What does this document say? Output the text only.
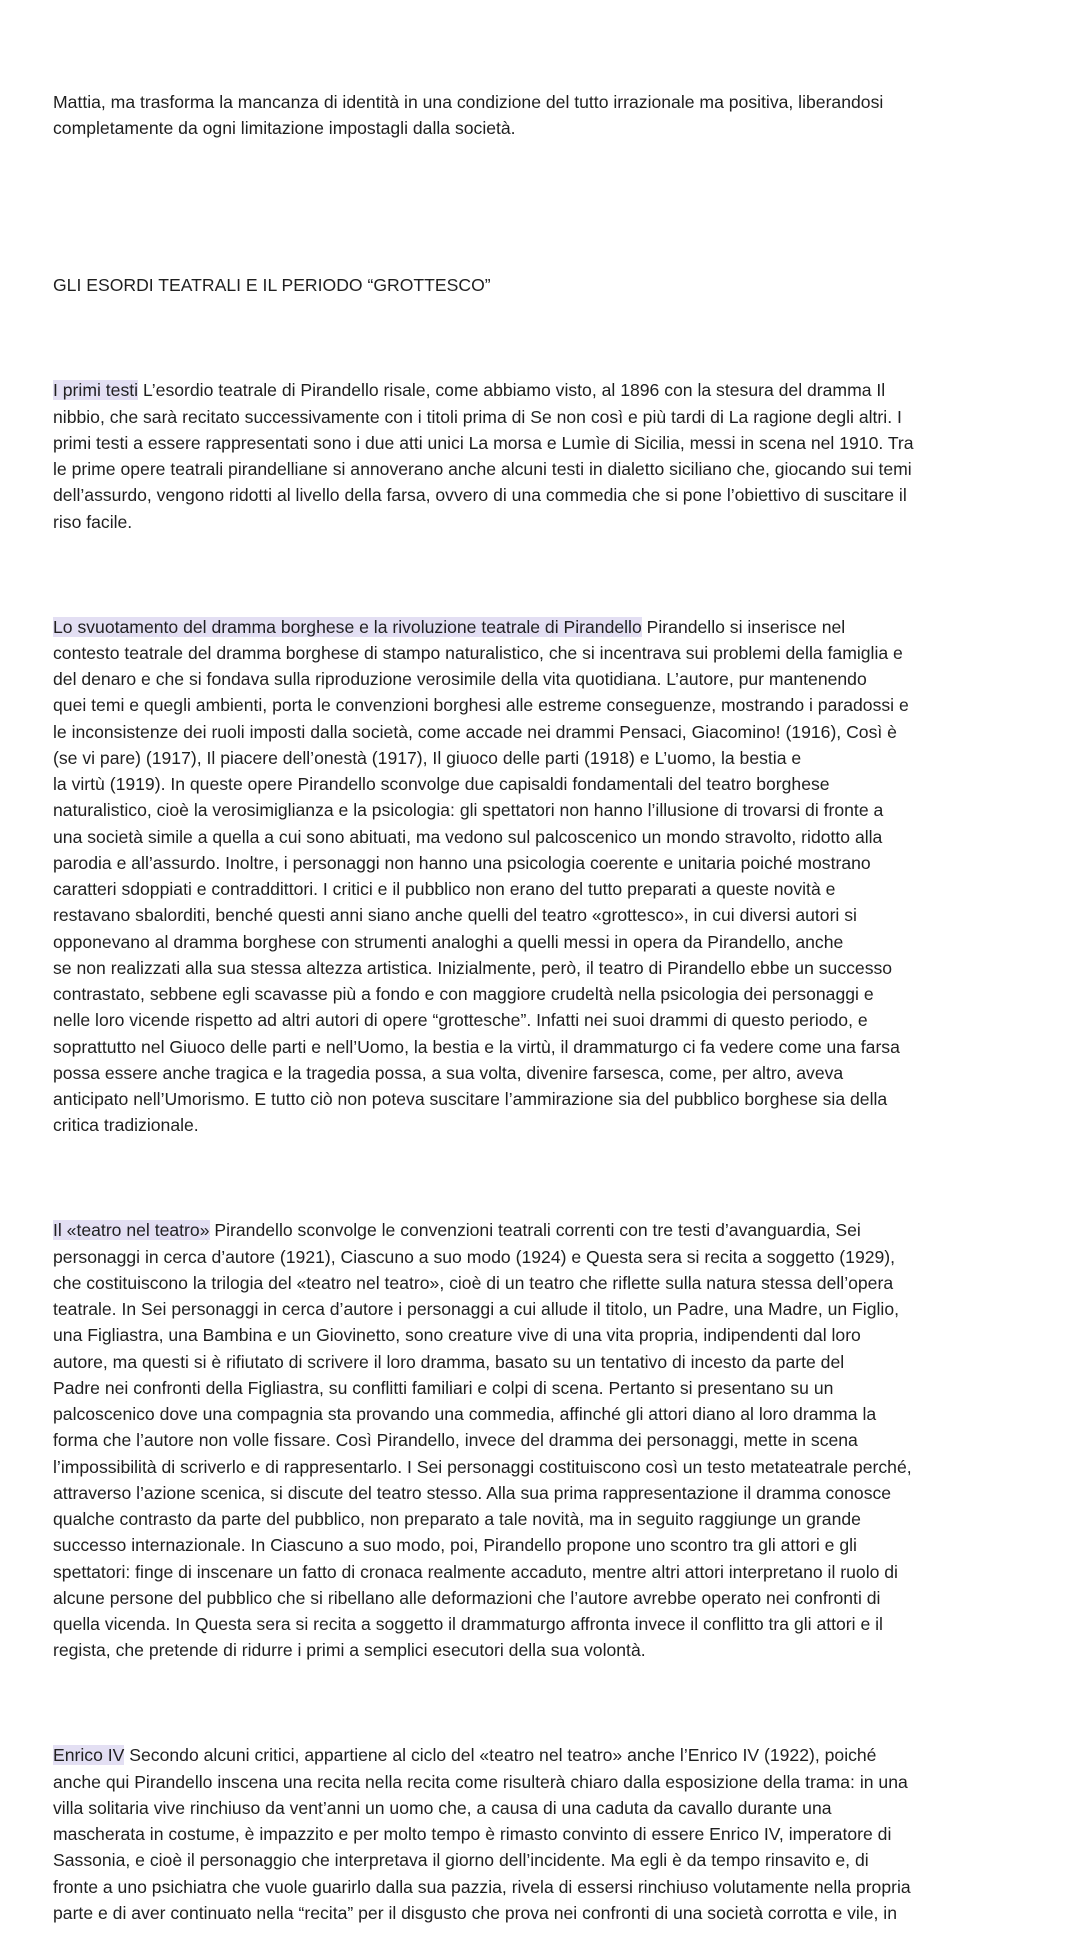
Mattia, ma trasforma la mancanza di identità in una condizione del tutto irrazionale ma positiva, liberandosi
completamente da ogni limitazione impostagli dalla società.

GLI ESORDI TEATRALI E IL PERIODO “GROTTESCO”

I primi testi L’esordio teatrale di Pirandello risale, come abbiamo visto, al 1896 con la stesura del dramma Il
nibbio, che sarà recitato successivamente con i titoli prima di Se non così e più tardi di La ragione degli altri. I
primi testi a essere rappresentati sono i due atti unici La morsa e Lumìe di Sicilia, messi in scena nel 1910. Tra
le prime opere teatrali pirandelliane si annoverano anche alcuni testi in dialetto siciliano che, giocando sui temi
dell’assurdo, vengono ridotti al livello della farsa, ovvero di una commedia che si pone l’obiettivo di suscitare il
riso facile.

Lo svuotamento del dramma borghese e la rivoluzione teatrale di Pirandello Pirandello si inserisce nel
contesto teatrale del dramma borghese di stampo naturalistico, che si incentrava sui problemi della famiglia e
del denaro e che si fondava sulla riproduzione verosimile della vita quotidiana. L’autore, pur mantenendo
quei temi e quegli ambienti, porta le convenzioni borghesi alle estreme conseguenze, mostrando i paradossi e
le inconsistenze dei ruoli imposti dalla società, come accade nei drammi Pensaci, Giacomino! (1916), Così è
(se vi pare) (1917), Il piacere dell’onestà (1917), Il giuoco delle parti (1918) e L’uomo, la bestia e
la virtù (1919). In queste opere Pirandello sconvolge due capisaldi fondamentali del teatro borghese
naturalistico, cioè la verosimiglianza e la psicologia: gli spettatori non hanno l’illusione di trovarsi di fronte a
una società simile a quella a cui sono abituati, ma vedono sul palcoscenico un mondo stravolto, ridotto alla
parodia e all’assurdo. Inoltre, i personaggi non hanno una psicologia coerente e unitaria poiché mostrano
caratteri sdoppiati e contraddittori. I critici e il pubblico non erano del tutto preparati a queste novità e
restavano sbalorditi, benché questi anni siano anche quelli del teatro «grottesco», in cui diversi autori si
opponevano al dramma borghese con strumenti analoghi a quelli messi in opera da Pirandello, anche
se non realizzati alla sua stessa altezza artistica. Inizialmente, però, il teatro di Pirandello ebbe un successo
contrastato, sebbene egli scavasse più a fondo e con maggiore crudeltà nella psicologia dei personaggi e
nelle loro vicende rispetto ad altri autori di opere “grottesche”. Infatti nei suoi drammi di questo periodo, e
soprattutto nel Giuoco delle parti e nell’Uomo, la bestia e la virtù, il drammaturgo ci fa vedere come una farsa
possa essere anche tragica e la tragedia possa, a sua volta, divenire farsesca, come, per altro, aveva
anticipato nell’Umorismo. E tutto ciò non poteva suscitare l’ammirazione sia del pubblico borghese sia della
critica tradizionale.

Il «teatro nel teatro» Pirandello sconvolge le convenzioni teatrali correnti con tre testi d’avanguardia, Sei
personaggi in cerca d’autore (1921), Ciascuno a suo modo (1924) e Questa sera si recita a soggetto (1929),
che costituiscono la trilogia del «teatro nel teatro», cioè di un teatro che riflette sulla natura stessa dell’opera
teatrale. In Sei personaggi in cerca d’autore i personaggi a cui allude il titolo, un Padre, una Madre, un Figlio,
una Figliastra, una Bambina e un Giovinetto, sono creature vive di una vita propria, indipendenti dal loro
autore, ma questi si è rifiutato di scrivere il loro dramma, basato su un tentativo di incesto da parte del
Padre nei confronti della Figliastra, su conflitti familiari e colpi di scena. Pertanto si presentano su un
palcoscenico dove una compagnia sta provando una commedia, affinché gli attori diano al loro dramma la
forma che l’autore non volle fissare. Così Pirandello, invece del dramma dei personaggi, mette in scena
l’impossibilità di scriverlo e di rappresentarlo. I Sei personaggi costituiscono così un testo metateatrale perché,
attraverso l’azione scenica, si discute del teatro stesso. Alla sua prima rappresentazione il dramma conosce
qualche contrasto da parte del pubblico, non preparato a tale novità, ma in seguito raggiunge un grande
successo internazionale. In Ciascuno a suo modo, poi, Pirandello propone uno scontro tra gli attori e gli
spettatori: finge di inscenare un fatto di cronaca realmente accaduto, mentre altri attori interpretano il ruolo di
alcune persone del pubblico che si ribellano alle deformazioni che l’autore avrebbe operato nei confronti di
quella vicenda. In Questa sera si recita a soggetto il drammaturgo affronta invece il conflitto tra gli attori e il
regista, che pretende di ridurre i primi a semplici esecutori della sua volontà.

Enrico IV Secondo alcuni critici, appartiene al ciclo del «teatro nel teatro» anche l’Enrico IV (1922), poiché
anche qui Pirandello inscena una recita nella recita come risulterà chiaro dalla esposizione della trama: in una
villa solitaria vive rinchiuso da vent’anni un uomo che, a causa di una caduta da cavallo durante una
mascherata in costume, è impazzito e per molto tempo è rimasto convinto di essere Enrico IV, imperatore di
Sassonia, e cioè il personaggio che interpretava il giorno dell’incidente. Ma egli è da tempo rinsavito e, di
fronte a uno psichiatra che vuole guarirlo dalla sua pazzia, rivela di essersi rinchiuso volutamente nella propria
parte e di aver continuato nella “recita” per il disgusto che prova nei confronti di una società corrotta e vile, in
